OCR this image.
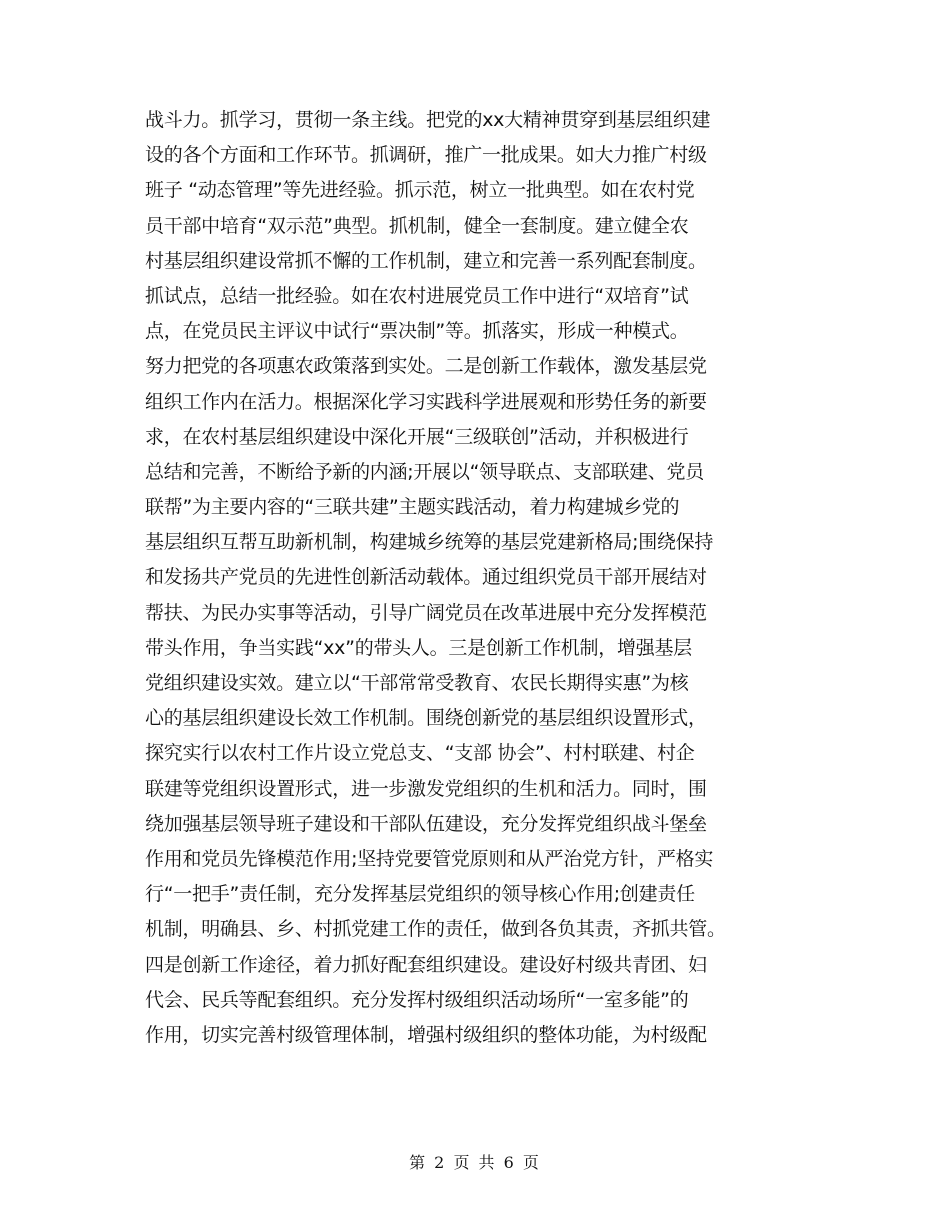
战斗力。抓学习，贯彻一条主线。把党的xx大精神贯穿到基层组织建
设的各个方面和工作环节。抓调研，推广一批成果。如大力推广村级
班子 “动态管理”等先进经验。抓示范，树立一批典型。如在农村党
员干部中培育“双示范”典型。抓机制，健全一套制度。建立健全农
村基层组织建设常抓不懈的工作机制，建立和完善一系列配套制度。
抓试点，总结一批经验。如在农村进展党员工作中进行“双培育”试
点，在党员民主评议中试行“票决制”等。抓落实，形成一种模式。
努力把党的各项惠农政策落到实处。二是创新工作载体，激发基层党
组织工作内在活力。根据深化学习实践科学进展观和形势任务的新要
求，在农村基层组织建设中深化开展“三级联创”活动，并积极进行
总结和完善，不断给予新的内涵;开展以“领导联点、支部联建、党员
联帮”为主要内容的“三联共建”主题实践活动，着力构建城乡党的
基层组织互帮互助新机制，构建城乡统筹的基层党建新格局;围绕保持
和发扬共产党员的先进性创新活动载体。通过组织党员干部开展结对
帮扶、为民办实事等活动，引导广阔党员在改革进展中充分发挥模范
带头作用，争当实践“xx”的带头人。三是创新工作机制，增强基层
党组织建设实效。建立以“干部常常受教育、农民长期得实惠”为核
心的基层组织建设长效工作机制。围绕创新党的基层组织设置形式，
探究实行以农村工作片设立党总支、“支部 协会”、村村联建、村企
联建等党组织设置形式，进一步激发党组织的生机和活力。同时，围
绕加强基层领导班子建设和干部队伍建设，充分发挥党组织战斗堡垒
作用和党员先锋模范作用;坚持党要管党原则和从严治党方针，严格实
行“一把手”责任制，充分发挥基层党组织的领导核心作用;创建责任
机制，明确县、乡、村抓党建工作的责任，做到各负其责，齐抓共管。
四是创新工作途径，着力抓好配套组织建设。建设好村级共青团、妇
代会、民兵等配套组织。充分发挥村级组织活动场所“一室多能”的
作用，切实完善村级管理体制，增强村级组织的整体功能，为村级配
第 2 页 共 6 页
